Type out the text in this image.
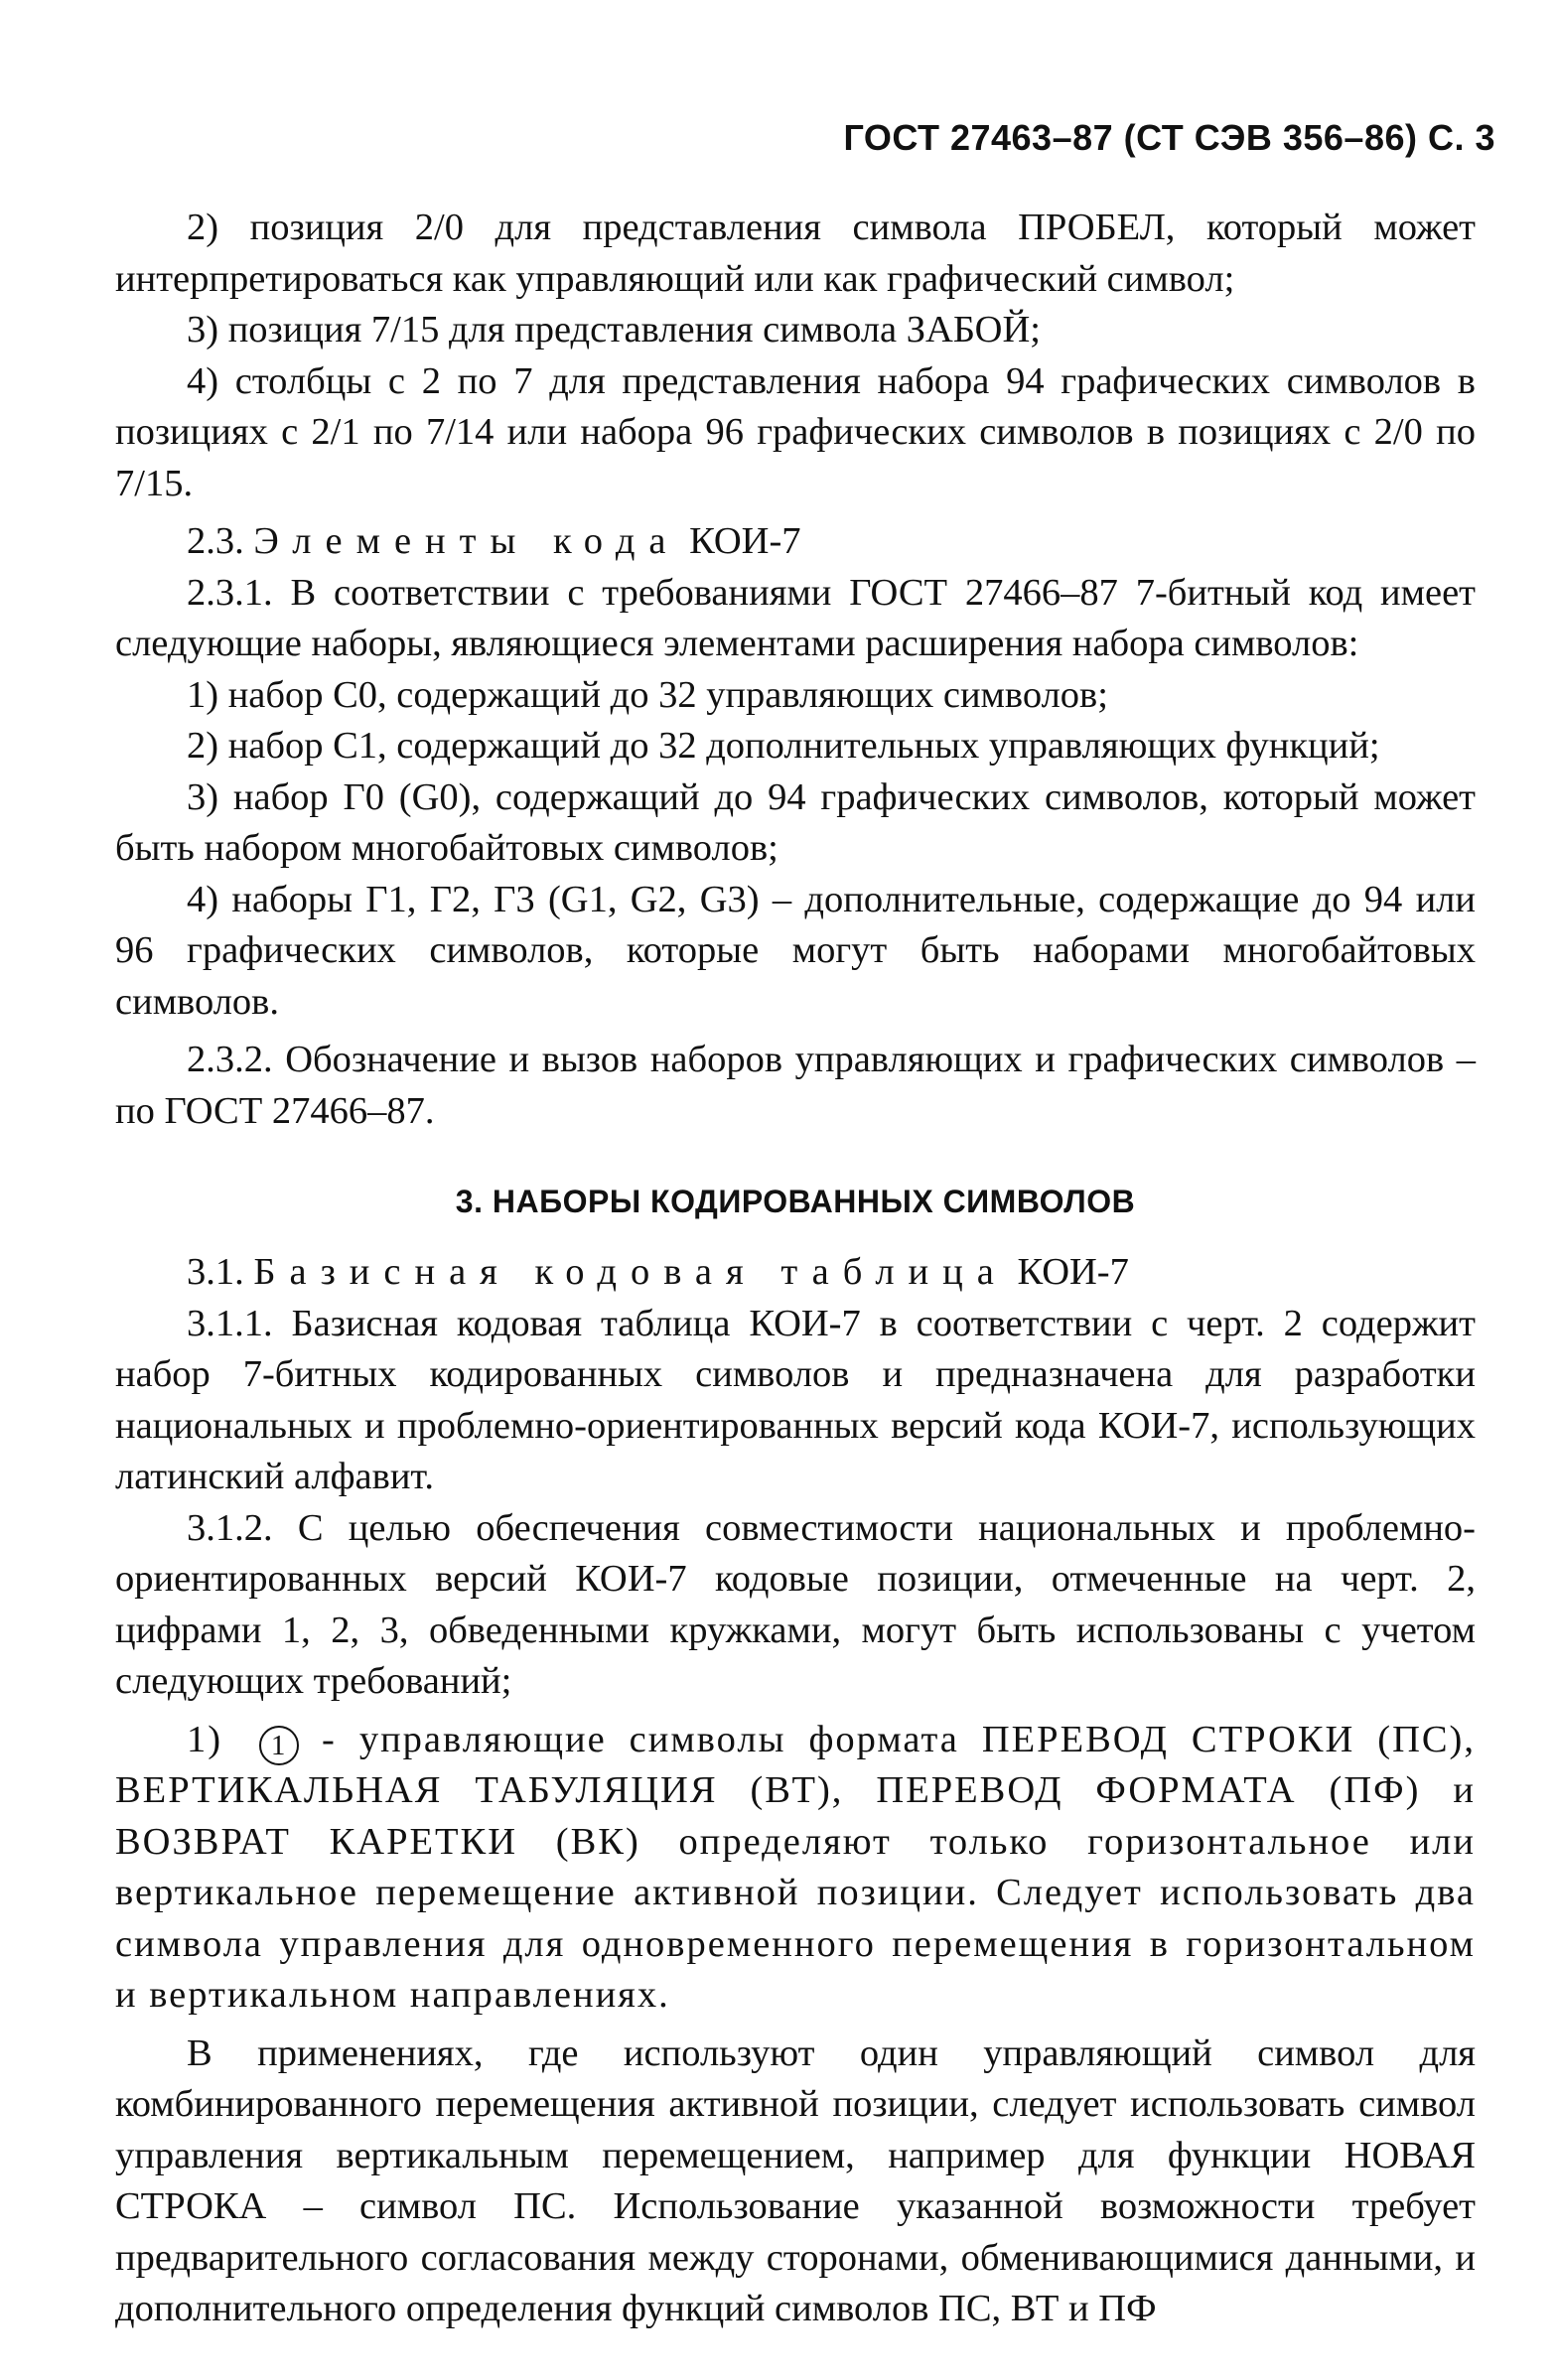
ГОСТ 27463–87 (СТ СЭВ 356–86) С. 3

2) позиция 2/0 для представления символа ПРОБЕЛ, который может интерпретироваться как управляющий или как графический символ;

3) позиция 7/15 для представления символа ЗАБОЙ;

4) столбцы с 2 по 7 для представления набора 94 графических символов в позициях с 2/1 по 7/14 или набора 96 графических символов в позициях с 2/0 по 7/15.

2.3. Элементы кода КОИ-7

2.3.1. В соответствии с требованиями ГОСТ 27466–87 7-битный код имеет следующие наборы, являющиеся элементами расширения набора символов:

1) набор С0, содержащий до 32 управляющих символов;

2) набор С1, содержащий до 32 дополнительных управляющих функций;

3) набор Г0 (G0), содержащий до 94 графических символов, который может быть набором многобайтовых символов;

4) наборы Г1, Г2, Г3 (G1, G2, G3) – дополнительные, содержащие до 94 или 96 графических символов, которые могут быть наборами многобайтовых символов.

2.3.2. Обозначение и вызов наборов управляющих и графических символов – по ГОСТ 27466–87.

3. НАБОРЫ КОДИРОВАННЫХ СИМВОЛОВ

3.1. Базисная кодовая таблица КОИ-7

3.1.1. Базисная кодовая таблица КОИ-7 в соответствии с черт. 2 содержит набор 7-битных кодированных символов и предназначена для разработки национальных и проблемно-ориентированных версий кода КОИ-7, использующих латинский алфавит.

3.1.2. С целью обеспечения совместимости национальных и проблемно-ориентированных версий КОИ-7 кодовые позиции, отмеченные на черт. 2, цифрами 1, 2, 3, обведенными кружками, могут быть использованы с учетом следующих требований;

1) 1 - управляющие символы формата ПЕРЕВОД СТРОКИ (ПС), ВЕРТИКАЛЬНАЯ ТАБУЛЯЦИЯ (ВТ), ПЕРЕВОД ФОРМАТА (ПФ) и ВОЗВРАТ КАРЕТКИ (ВК) определяют только горизонтальное или вертикальное перемещение активной позиции. Следует использовать два символа управления для одновременного перемещения в горизонтальном и вертикальном направлениях.

В применениях, где используют один управляющий символ для комбинированного перемещения активной позиции, следует использовать символ управления вертикальным перемещением, например для функции НОВАЯ СТРОКА – символ ПС. Использование указанной возможности требует предварительного согласования между сторонами, обменивающимися данными, и дополнительного определения функций символов ПС, ВТ и ПФ
